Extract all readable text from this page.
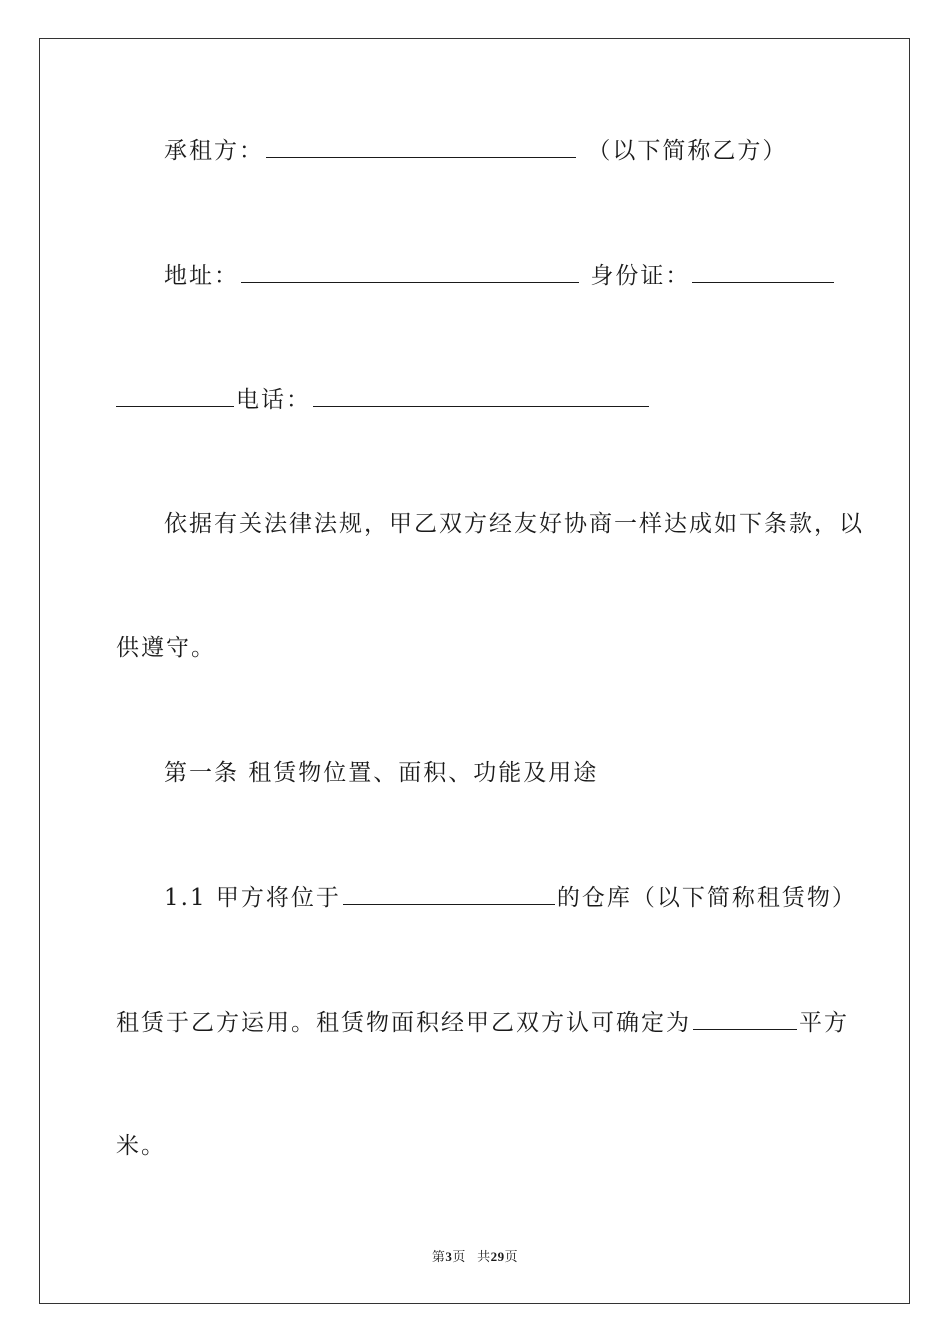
承租方：	（以下简称乙方）
地址：	身份证：
电话：
依据有关法律法规，甲乙双方经友好协商一样达成如下条款，以
供遵守。
第一条 租赁物位置、面积、功能及用途
1.1 甲方将位于	的仓库（以下简称租赁物）
租赁于乙方运用。租赁物面积经甲乙双方认可确定为	平方
米。
第3页 共29页
